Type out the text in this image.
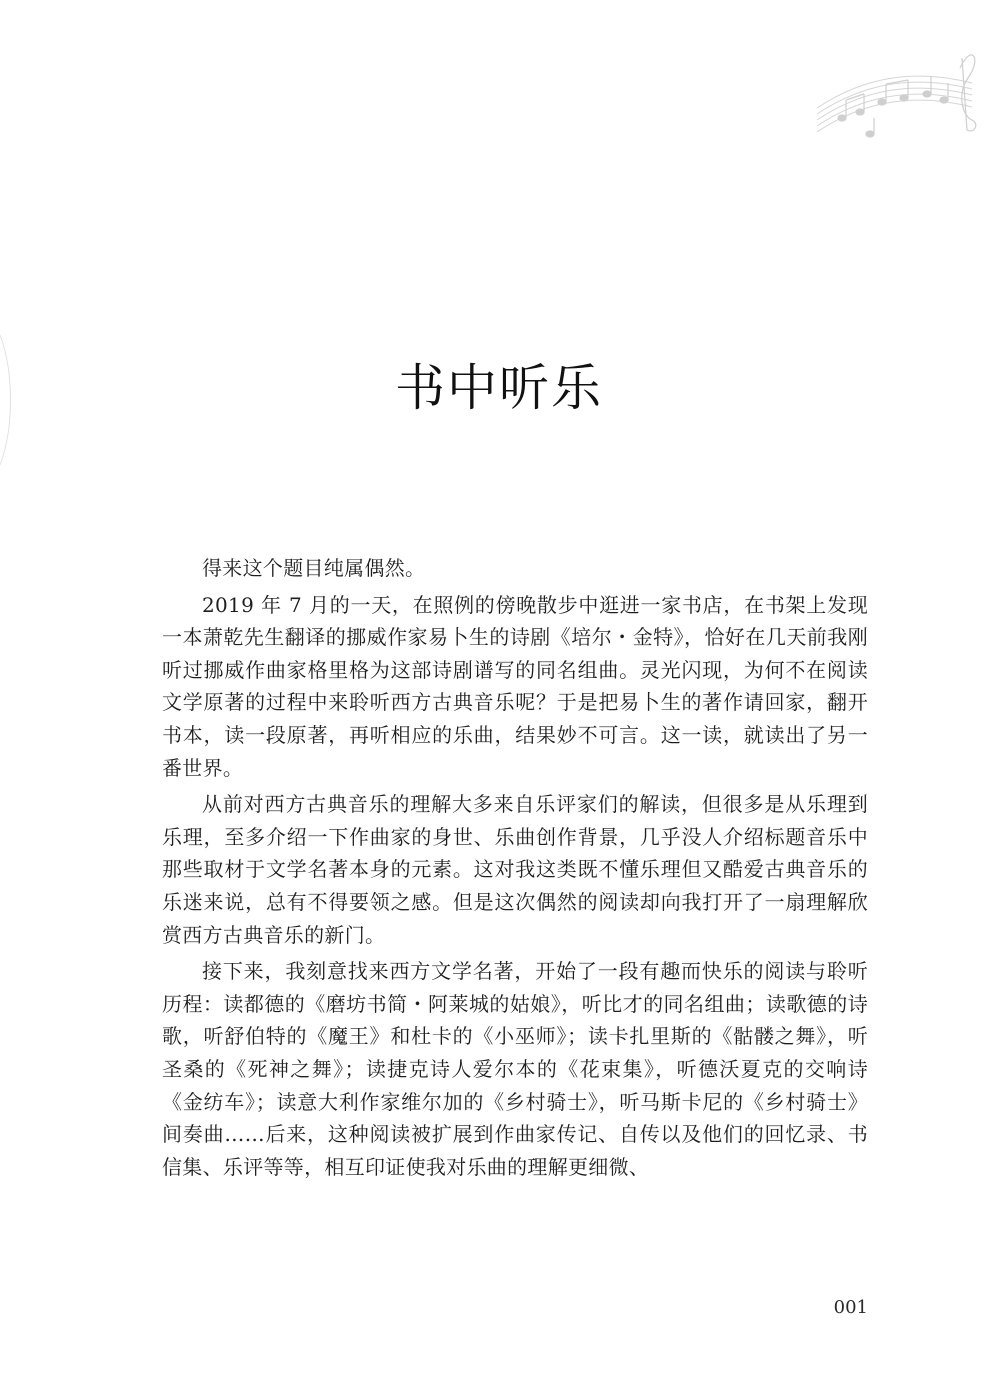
书中听乐

得来这个题目纯属偶然。

2019 年 7 月的一天，在照例的傍晚散步中逛进一家书店，在书架上发现一本萧乾先生翻译的挪威作家易卜生的诗剧《培尔・金特》，恰好在几天前我刚听过挪威作曲家格里格为这部诗剧谱写的同名组曲。灵光闪现，为何不在阅读文学原著的过程中来聆听西方古典音乐呢？于是把易卜生的著作请回家，翻开书本，读一段原著，再听相应的乐曲，结果妙不可言。这一读，就读出了另一番世界。

从前对西方古典音乐的理解大多来自乐评家们的解读，但很多是从乐理到乐理，至多介绍一下作曲家的身世、乐曲创作背景，几乎没人介绍标题音乐中那些取材于文学名著本身的元素。这对我这类既不懂乐理但又酷爱古典音乐的乐迷来说，总有不得要领之感。但是这次偶然的阅读却向我打开了一扇理解欣赏西方古典音乐的新门。

接下来，我刻意找来西方文学名著，开始了一段有趣而快乐的阅读与聆听历程：读都德的《磨坊书简・阿莱城的姑娘》，听比才的同名组曲；读歌德的诗歌，听舒伯特的《魔王》和杜卡的《小巫师》；读卡扎里斯的《骷髅之舞》，听圣桑的《死神之舞》；读捷克诗人爱尔本的《花束集》，听德沃夏克的交响诗《金纺车》；读意大利作家维尔加的《乡村骑士》，听马斯卡尼的《乡村骑士》间奏曲……后来，这种阅读被扩展到作曲家传记、自传以及他们的回忆录、书信集、乐评等等，相互印证使我对乐曲的理解更细微、

001
